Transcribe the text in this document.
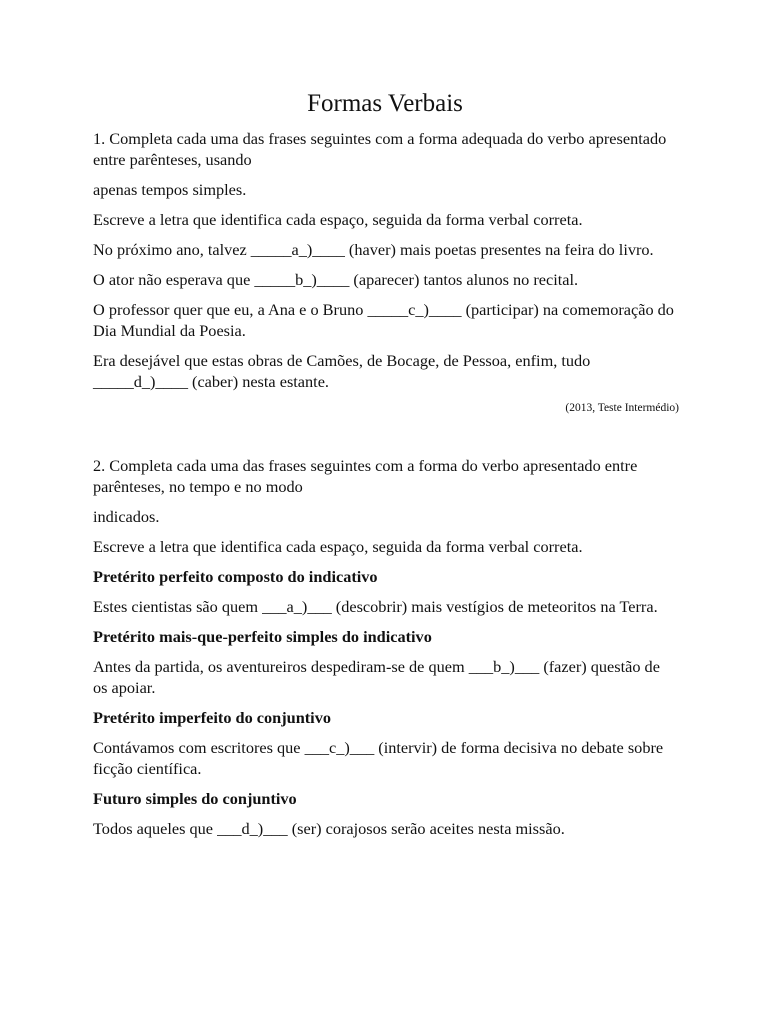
Formas Verbais

1. Completa cada uma das frases seguintes com a forma adequada do verbo apresentado entre parênteses, usando

apenas tempos simples.

Escreve a letra que identifica cada espaço, seguida da forma verbal correta.

No próximo ano, talvez _____a_)____ (haver) mais poetas presentes na feira do livro.

O ator não esperava que _____b_)____ (aparecer) tantos alunos no recital.

O professor quer que eu, a Ana e o Bruno _____c_)____ (participar) na comemoração do Dia Mundial da Poesia.

Era desejável que estas obras de Camões, de Bocage, de Pessoa, enfim, tudo _____d_)____ (caber) nesta estante.

(2013, Teste Intermédio)

2. Completa cada uma das frases seguintes com a forma do verbo apresentado entre parênteses, no tempo e no modo

indicados.

Escreve a letra que identifica cada espaço, seguida da forma verbal correta.

Pretérito perfeito composto do indicativo

Estes cientistas são quem ___a_)___ (descobrir) mais vestígios de meteoritos na Terra.

Pretérito mais-que-perfeito simples do indicativo

Antes da partida, os aventureiros despediram-se de quem ___b_)___ (fazer) questão de os apoiar.

Pretérito imperfeito do conjuntivo

Contávamos com escritores que ___c_)___ (intervir) de forma decisiva no debate sobre ficção científica.

Futuro simples do conjuntivo

Todos aqueles que ___d_)___ (ser) corajosos serão aceites nesta missão.
